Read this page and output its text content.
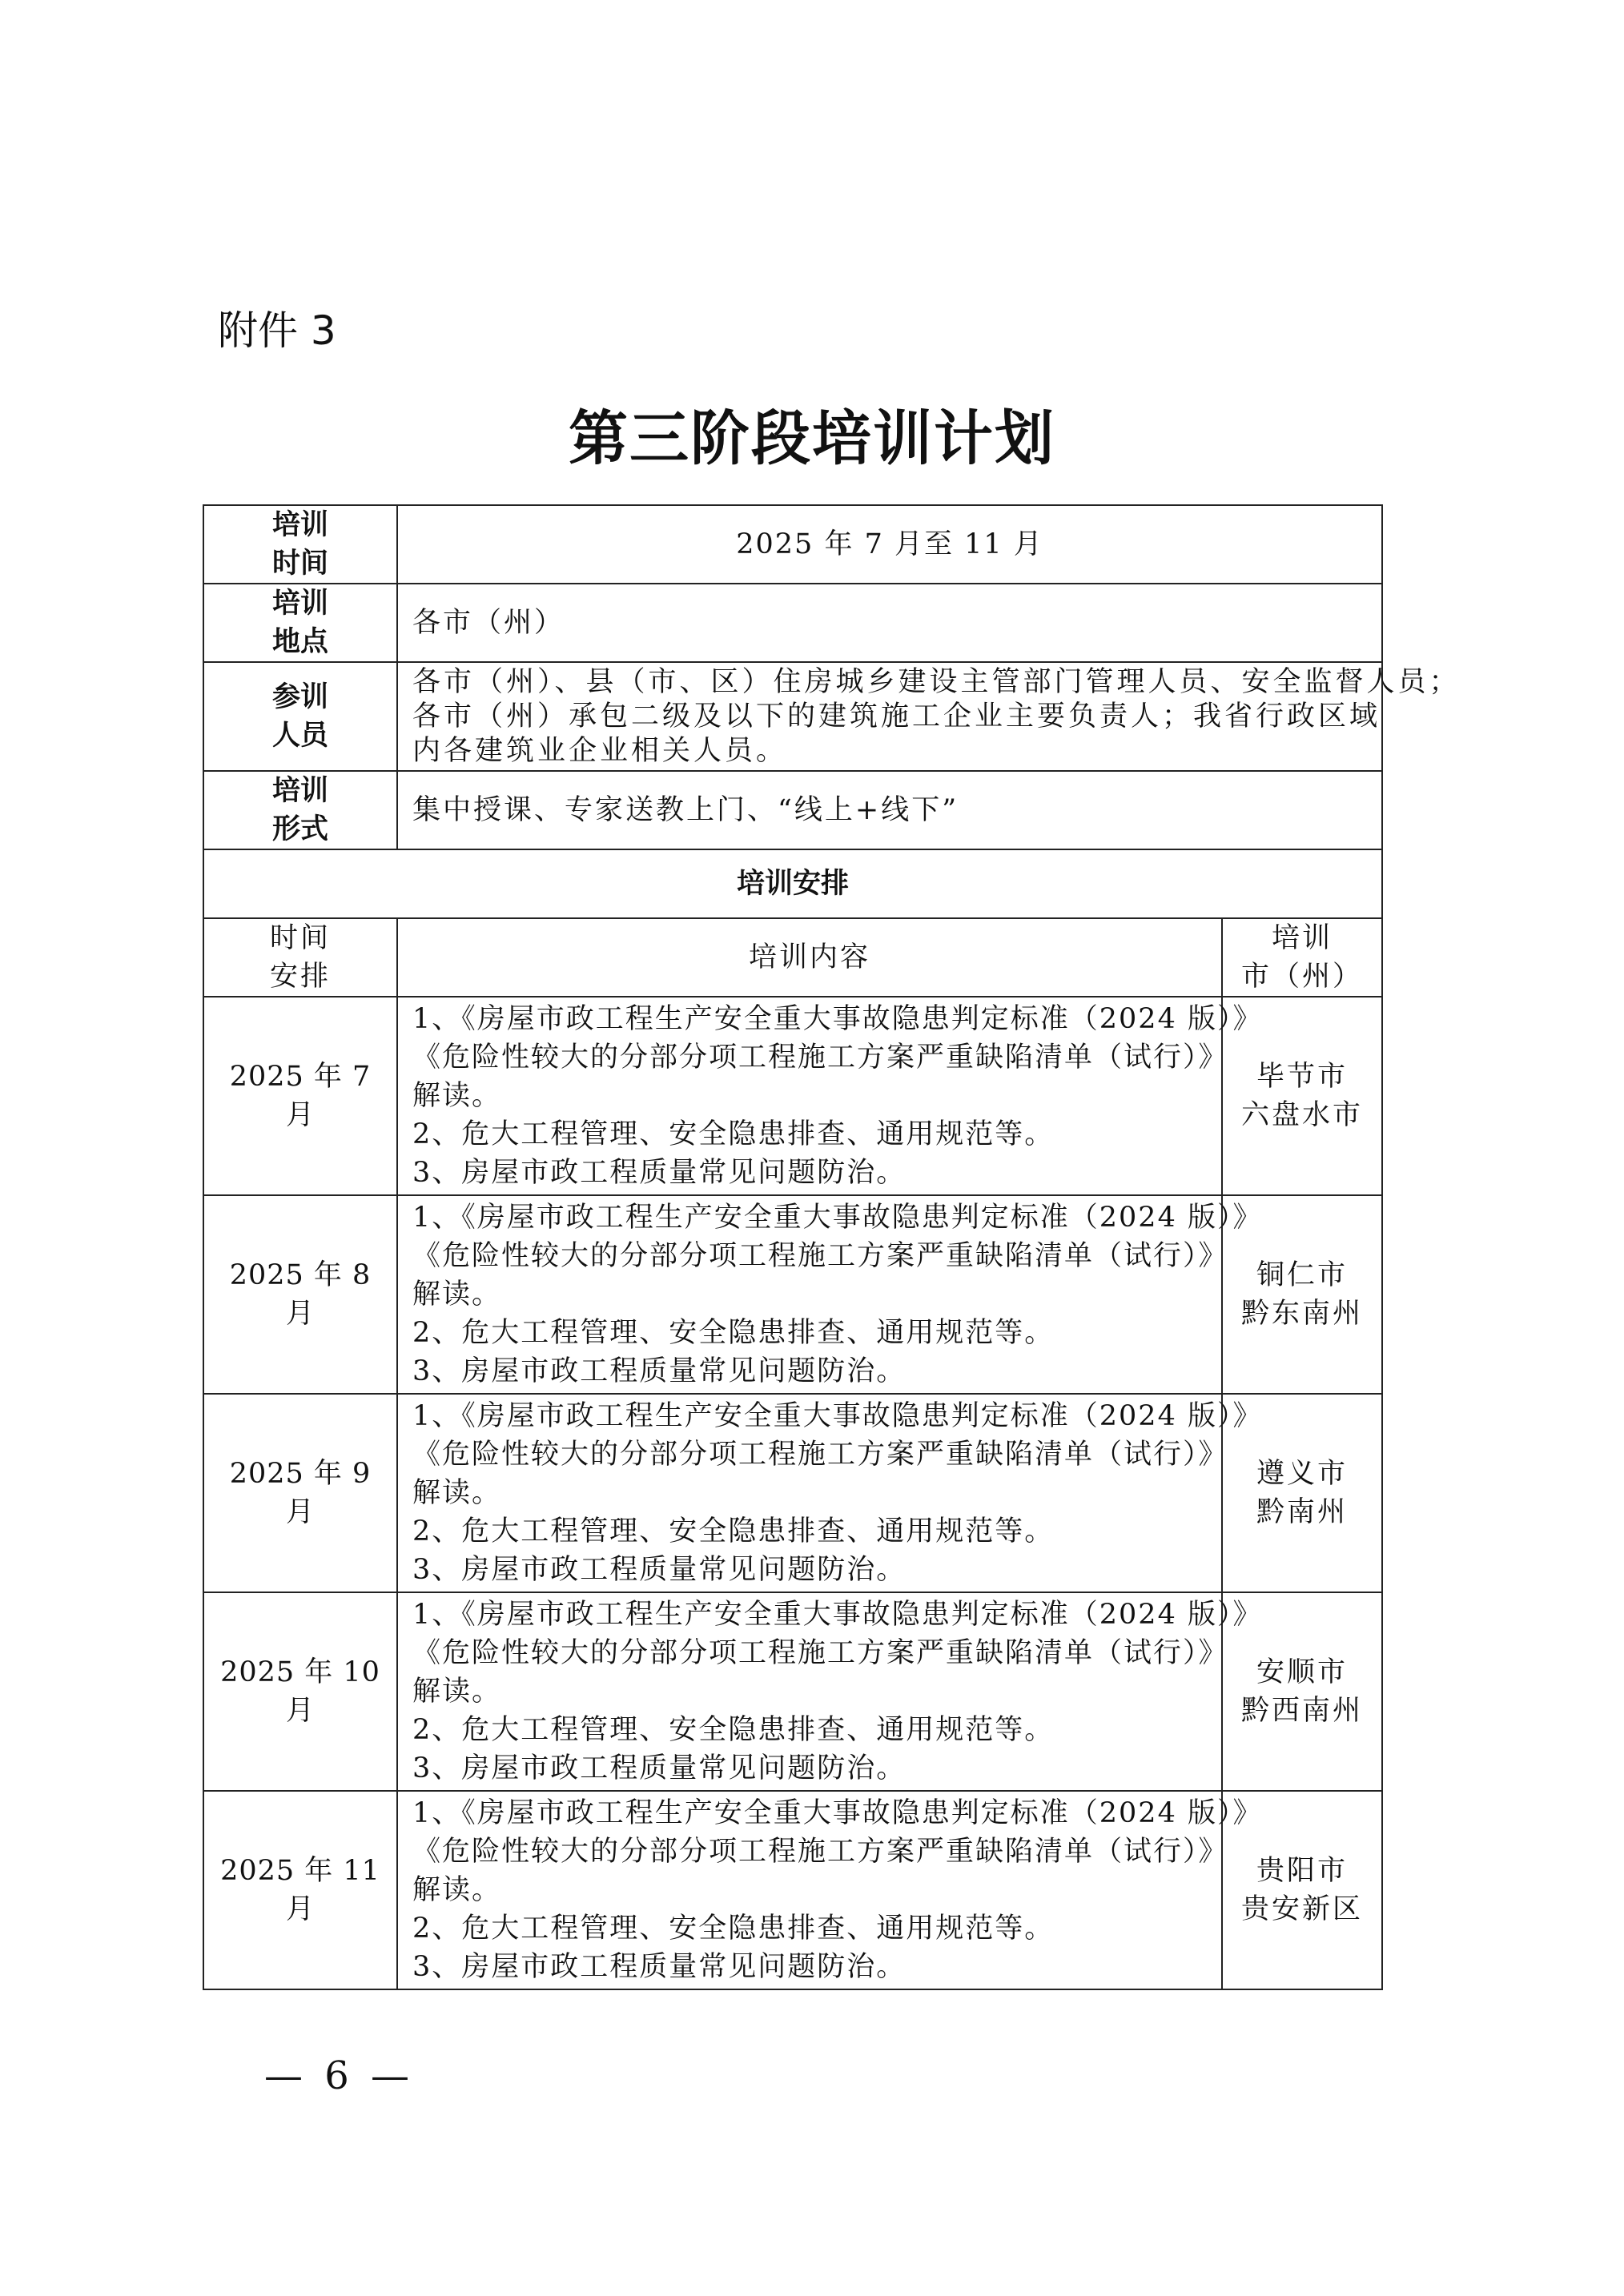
附件 3
第三阶段培训计划
培训
时间	2025 年 7 月至 11 月	

培训
地点	各市（州）	

参训
人员	各市（州）、县（市、区）住房城乡建设主管部门管理人员、安全监督人员；
各市（州）承包二级及以下的建筑施工企业主要负责人；我省行政区域
内各建筑业企业相关人员。	

培训
形式	集中授课、专家送教上门、“线上+线下”	

培训安排		

时间
安排	培训内容	培训
市（州）

2025 年 7 月	1、《房屋市政工程生产安全重大事故隐患判定标准（2024 版）》
《危险性较大的分部分项工程施工方案严重缺陷清单（试行）》
解读。
2、危大工程管理、安全隐患排查、通用规范等。
3、房屋市政工程质量常见问题防治。	毕节市
六盘水市

2025 年 8 月	1、《房屋市政工程生产安全重大事故隐患判定标准（2024 版）》
《危险性较大的分部分项工程施工方案严重缺陷清单（试行）》
解读。
2、危大工程管理、安全隐患排查、通用规范等。
3、房屋市政工程质量常见问题防治。	铜仁市
黔东南州

2025 年 9 月	1、《房屋市政工程生产安全重大事故隐患判定标准（2024 版）》
《危险性较大的分部分项工程施工方案严重缺陷清单（试行）》
解读。
2、危大工程管理、安全隐患排查、通用规范等。
3、房屋市政工程质量常见问题防治。	遵义市
黔南州

2025 年 10 月	1、《房屋市政工程生产安全重大事故隐患判定标准（2024 版）》
《危险性较大的分部分项工程施工方案严重缺陷清单（试行）》
解读。
2、危大工程管理、安全隐患排查、通用规范等。
3、房屋市政工程质量常见问题防治。	安顺市
黔西南州

2025 年 11 月	1、《房屋市政工程生产安全重大事故隐患判定标准（2024 版）》
《危险性较大的分部分项工程施工方案严重缺陷清单（试行）》
解读。
2、危大工程管理、安全隐患排查、通用规范等。
3、房屋市政工程质量常见问题防治。	贵阳市
贵安新区
— 6 —
